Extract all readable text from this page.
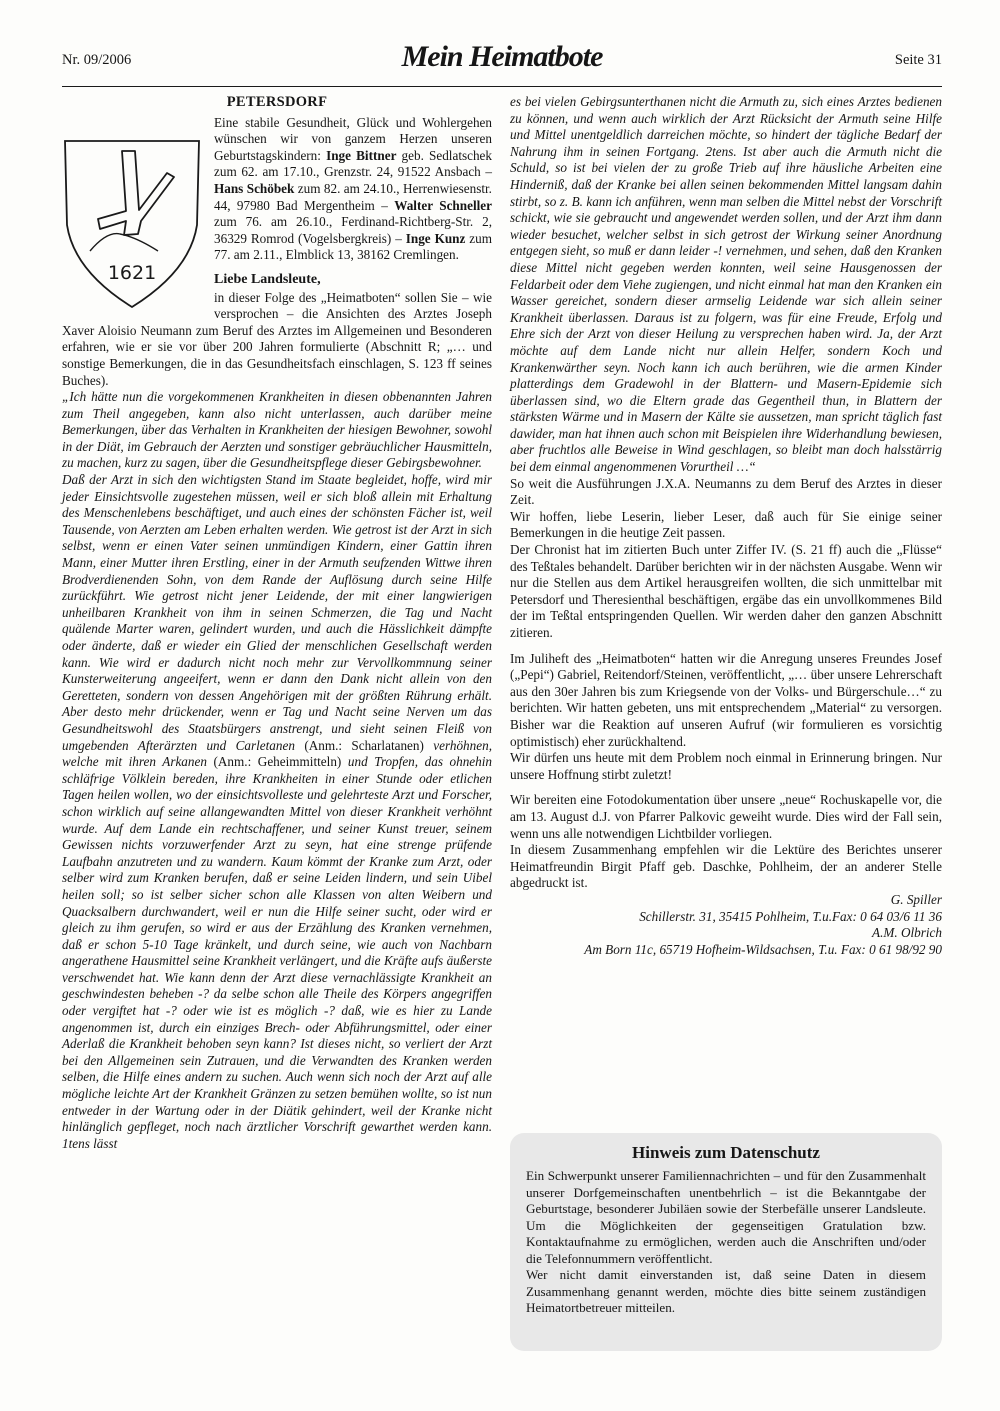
Nr. 09/2006	Mein Heimatbote	Seite 31
PETERSDORF
1621

Eine stabile Gesundheit, Glück und Wohlergehen wünschen wir von ganzem Herzen unseren Geburtstagskindern: Inge Bittner geb. Sedlatschek zum 62. am 17.10., Grenzstr. 24, 91522 Ansbach – Hans Schöbek zum 82. am 24.10., Herrenwiesenstr. 44, 97980 Bad Mergentheim – Walter Schneller zum 76. am 26.10., Ferdinand-Richtberg-Str. 2, 36329 Romrod (Vogelsbergkreis) – Inge Kunz zum 77. am 2.11., Elmblick 13, 38162 Cremlingen.

Liebe Landsleute,

in dieser Folge des „Heimatboten“ sollen Sie – wie versprochen – die Ansichten des Arztes Joseph Xaver Aloisio Neumann zum Beruf des Arztes im Allgemeinen und Besonderen erfahren, wie er sie vor über 200 Jahren formulierte (Abschnitt R; „… und sonstige Bemerkungen, die in das Gesundheitsfach einschlagen, S. 123 ff seines Buches).

„Ich hätte nun die vorgekommenen Krankheiten in diesen obbenannten Jahren zum Theil angegeben, kann also nicht unterlassen, auch darüber meine Bemerkungen, über das Verhalten in Krankheiten der hiesigen Bewohner, sowohl in der Diät, im Gebrauch der Aerzten und sonstiger gebräuchlicher Hausmitteln, zu machen, kurz zu sagen, über die Gesundheitspflege dieser Gebirgsbewohner.

Daß der Arzt in sich den wichtigsten Stand im Staate begleidet, hoffe, wird mir jeder Einsichtsvolle zugestehen müssen, weil er sich bloß allein mit Erhaltung des Menschenlebens beschäftiget, und auch eines der schönsten Fächer ist, weil Tausende, von Aerzten am Leben erhalten werden. Wie getrost ist der Arzt in sich selbst, wenn er einen Vater seinen unmündigen Kindern, einer Gattin ihren Mann, einer Mutter ihren Erstling, einer in der Armuth seufzenden Wittwe ihren Brodverdienenden Sohn, von dem Rande der Auflösung durch seine Hilfe zurückführt. Wie getrost nicht jener Leidende, der mit einer langwierigen unheilbaren Krankheit von ihm in seinen Schmerzen, die Tag und Nacht quälende Marter waren, gelindert wurden, und auch die Hässlichkeit dämpfte oder änderte, daß er wieder ein Glied der menschlichen Gesellschaft werden kann. Wie wird er dadurch nicht noch mehr zur Vervollkommnung seiner Kunsterweiterung angeeifert, wenn er dann den Dank nicht allein von den Geretteten, sondern von dessen Angehörigen mit der größten Rührung erhält. Aber desto mehr drückender, wenn er Tag und Nacht seine Nerven um das Gesundheitswohl des Staatsbürgers anstrengt, und sieht seinen Fleiß von umgebenden Afterärzten und Carletanen (Anm.: Scharlatanen) verhöhnen, welche mit ihren Arkanen (Anm.: Geheimmitteln) und Tropfen, das ohnehin schläfrige Völklein bereden, ihre Krankheiten in einer Stunde oder etlichen Tagen heilen wollen, wo der einsichtsvolleste und gelehrteste Arzt und Forscher, schon wirklich auf seine allangewandten Mittel von dieser Krankheit verhöhnt wurde. Auf dem Lande ein rechtschaffener, und seiner Kunst treuer, seinem Gewissen nichts vorzuwerfender Arzt zu seyn, hat eine strenge prüfende Laufbahn anzutreten und zu wandern. Kaum kömmt der Kranke zum Arzt, oder selber wird zum Kranken berufen, daß er seine Leiden lindern, und sein Uibel heilen soll; so ist selber sicher schon alle Klassen von alten Weibern und Quacksalbern durchwandert, weil er nun die Hilfe seiner sucht, oder wird er gleich zu ihm gerufen, so wird er aus der Erzählung des Kranken vernehmen, daß er schon 5-10 Tage kränkelt, und durch seine, wie auch von Nachbarn angerathene Hausmittel seine Krankheit verlängert, und die Kräfte aufs äußerste verschwendet hat. Wie kann denn der Arzt diese vernachlässigte Krankheit an geschwindesten beheben -? da selbe schon alle Theile des Körpers angegriffen oder vergiftet hat -? oder wie ist es möglich -? daß, wie es hier zu Lande angenommen ist, durch ein einziges Brech- oder Abführungsmittel, oder einer Aderlaß die Krankheit behoben seyn kann? Ist dieses nicht, so verliert der Arzt bei den Allgemeinen sein Zutrauen, und die Verwandten des Kranken werden selben, die Hilfe eines andern zu suchen. Auch wenn sich noch der Arzt auf alle mögliche leichte Art der Krankheit Gränzen zu setzen bemühen wollte, so ist nun entweder in der Wartung oder in der Diätik gehindert, weil der Kranke nicht hinlänglich gepfleget, noch nach ärztlicher Vorschrift gewarthet werden kann. 1tens lässt

es bei vielen Gebirgsunterthanen nicht die Armuth zu, sich eines Arztes bedienen zu können, und wenn auch wirklich der Arzt Rücksicht der Armuth seine Hilfe und Mittel unentgeldlich darreichen möchte, so hindert der tägliche Bedarf der Nahrung ihm in seinen Fortgang. 2tens. Ist aber auch die Armuth nicht die Schuld, so ist bei vielen der zu große Trieb auf ihre häusliche Arbeiten eine Hinderniß, daß der Kranke bei allen seinen bekommenden Mittel langsam dahin stirbt, so z. B. kann ich anführen, wenn man selben die Mittel nebst der Vorschrift schickt, wie sie gebraucht und angewendet werden sollen, und der Arzt ihm dann wieder besuchet, welcher selbst in sich getrost der Wirkung seiner Anordnung entgegen sieht, so muß er dann leider -! vernehmen, und sehen, daß den Kranken diese Mittel nicht gegeben werden konnten, weil seine Hausgenossen der Feldarbeit oder dem Viehe zugiengen, und nicht einmal hat man den Kranken ein Wasser gereichet, sondern dieser armselig Leidende war sich allein seiner Krankheit überlassen. Daraus ist zu folgern, was für eine Freude, Erfolg und Ehre sich der Arzt von dieser Heilung zu versprechen haben wird. Ja, der Arzt möchte auf dem Lande nicht nur allein Helfer, sondern Koch und Krankenwärther seyn. Noch kann ich auch berühren, wie die armen Kinder platterdings dem Gradewohl in der Blattern- und Masern-Epidemie sich überlassen sind, wo die Eltern grade das Gegentheil thun, in Blattern der stärksten Wärme und in Masern der Kälte sie aussetzen, man spricht täglich fast dawider, man hat ihnen auch schon mit Beispielen ihre Widerhandlung bewiesen, aber fruchtlos alle Beweise in Wind geschlagen, so bleibt man doch halsstärrig bei dem einmal angenommenen Vorurtheil …“

So weit die Ausführungen J.X.A. Neumanns zu dem Beruf des Arztes in dieser Zeit.

Wir hoffen, liebe Leserin, lieber Leser, daß auch für Sie einige seiner Bemerkungen in die heutige Zeit passen.

Der Chronist hat im zitierten Buch unter Ziffer IV. (S. 21 ff) auch die „Flüsse“ des Teßtales behandelt. Darüber berichten wir in der nächsten Ausgabe. Wenn wir nur die Stellen aus dem Artikel herausgreifen wollten, die sich unmittelbar mit Petersdorf und Theresienthal beschäftigen, ergäbe das ein unvollkommenes Bild der im Teßtal entspringenden Quellen. Wir werden daher den ganzen Abschnitt zitieren.

Im Juliheft des „Heimatboten“ hatten wir die Anregung unseres Freundes Josef („Pepi“) Gabriel, Reitendorf/Steinen, veröffentlicht, „… über unsere Lehrerschaft aus den 30er Jahren bis zum Kriegsende von der Volks- und Bürgerschule…“ zu berichten. Wir hatten gebeten, uns mit entsprechendem „Material“ zu versorgen. Bisher war die Reaktion auf unseren Aufruf (wir formulieren es vorsichtig optimistisch) eher zurückhaltend.

Wir dürfen uns heute mit dem Problem noch einmal in Erinnerung bringen. Nur unsere Hoffnung stirbt zuletzt!

Wir bereiten eine Fotodokumentation über unsere „neue“ Rochuskapelle vor, die am 13. August d.J. von Pfarrer Palkovic geweiht wurde. Dies wird der Fall sein, wenn uns alle notwendigen Lichtbilder vorliegen.

In diesem Zusammenhang empfehlen wir die Lektüre des Berichtes unserer Heimatfreundin Birgit Pfaff geb. Daschke, Pohlheim, der an anderer Stelle abgedruckt ist.

G. Spiller

Schillerstr. 31, 35415 Pohlheim, T.u.Fax: 0 64 03/6 11 36

A.M. Olbrich

Am Born 11c, 65719 Hofheim-Wildsachsen, T.u. Fax: 0 61 98/92 90

Hinweis zum Datenschutz

Ein Schwerpunkt unserer Familiennachrichten – und für den Zusammenhalt unserer Dorfgemeinschaften unentbehrlich – ist die Bekanntgabe der Geburtstage, besonderer Jubiläen sowie der Sterbefälle unserer Landsleute. Um die Möglichkeiten der gegenseitigen Gratulation bzw. Kontaktaufnahme zu ermöglichen, werden auch die Anschriften und/oder die Telefonnummern veröffentlicht.

Wer nicht damit einverstanden ist, daß seine Daten in diesem Zusammenhang genannt werden, möchte dies bitte seinem zuständigen Heimatortbetreuer mitteilen.
